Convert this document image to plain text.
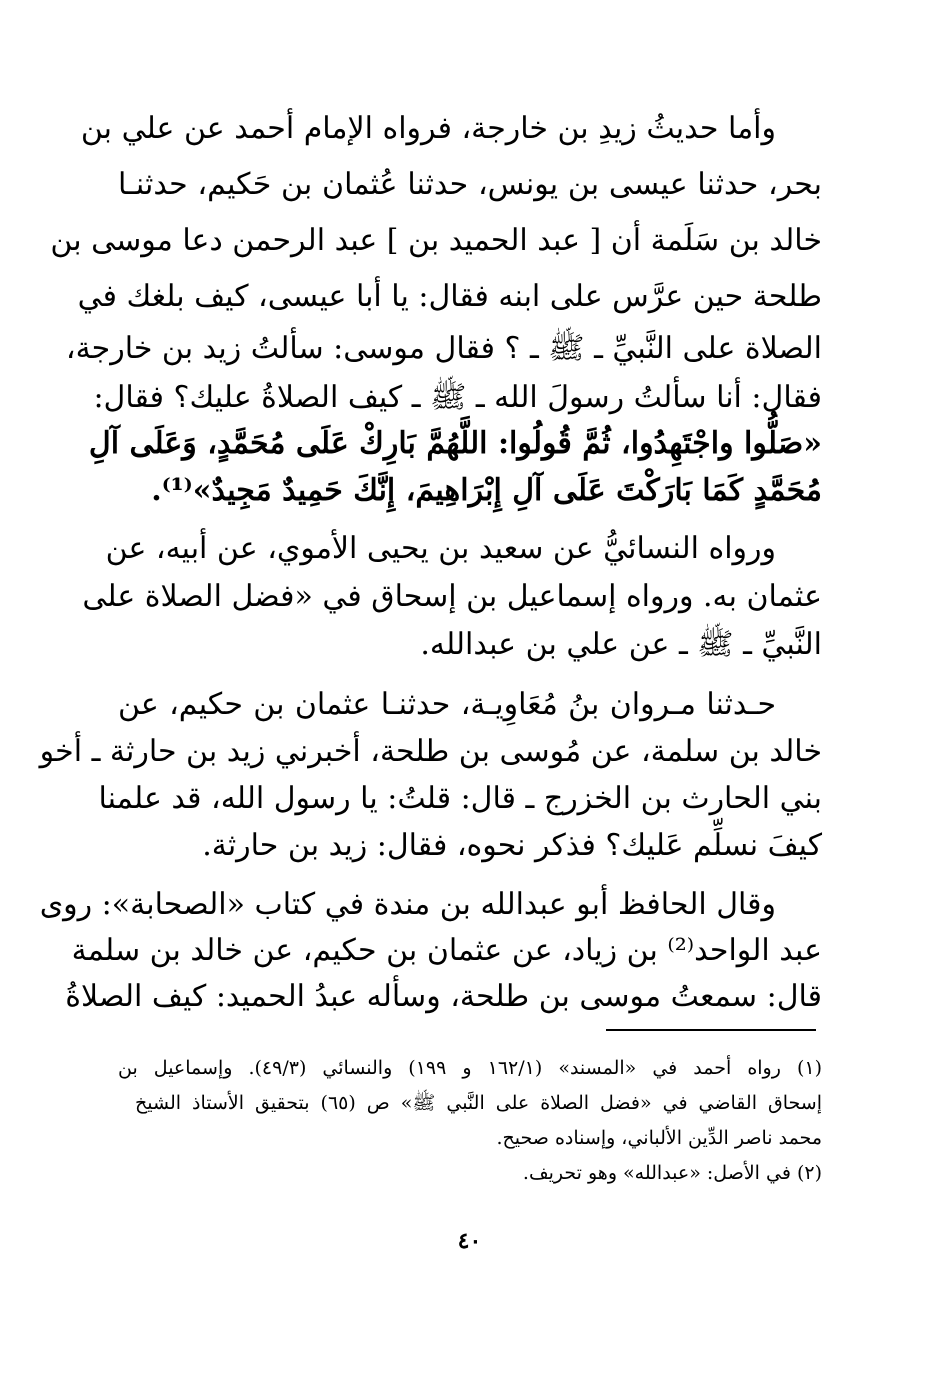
وأما حديثُ زيدِ بن خارجة، فرواه الإمام أحمد عن علي بن
بحر، حدثنا عيسى بن يونس، حدثنا عُثمان بن حَكيم، حدثنـا
خالد بن سَلَمة أن [ عبد الحميد بن ] عبد الرحمن دعا موسى بن
طلحة حين عرَّس على ابنه فقال: يا أبا عيسى، كيف بلغك في
الصلاة على النَّبيِّ ـ ﷺ ـ ؟ فقال موسى: سألتُ زيد بن خارجة،
فقال: أنا سألتُ رسولَ الله ـ ﷺ ـ كيف الصلاةُ عليك؟ فقال:
«صَلُّوا واجْتَهِدُوا، ثُمَّ قُولُوا: اللَّهُمَّ بَارِكْ عَلَى مُحَمَّدٍ، وَعَلَى آلِ
مُحَمَّدٍ كَمَا بَارَكْتَ عَلَى آلِ إِبْرَاهِيمَ، إِنَّكَ حَمِيدٌ مَجِيدٌ»⁽¹⁾.
ورواه النسائيُّ عن سعيد بن يحيى الأموي، عن أبيه، عن
عثمان به. ورواه إسماعيل بن إسحاق في «فضل الصلاة على
النَّبيِّ ـ ﷺ ـ عن علي بن عبدالله.
حـدثنا مـروان بنُ مُعَاوِيـة، حدثنـا عثمان بن حكيم، عن
خالد بن سلمة، عن مُوسى بن طلحة، أخبرني زيد بن حارثة ـ أخو
بني الحارث بن الخزرج ـ قال: قلتُ: يا رسول الله، قد علمنا
كيفَ نسلِّم عَليك؟ فذكر نحوه، فقال: زيد بن حارثة.
وقال الحافظ أبو عبدالله بن مندة في كتاب «الصحابة»: روى
عبد الواحد⁽²⁾ بن زياد، عن عثمان بن حكيم، عن خالد بن سلمة
قال: سمعتُ موسى بن طلحة، وسأله عبدُ الحميد: كيف الصلاةُ
(١) رواه أحمد في «المسند» (١٦٢/١ و ١٩٩) والنسائي (٤٩/٣). وإسماعيل بن
إسحاق القاضي في «فضل الصلاة على النَّبي ﷺ» ص (٦٥) بتحقيق الأستاذ الشيخ
محمد ناصر الدِّين الألباني، وإسناده صحيح.
(٢) في الأصل: «عبدالله» وهو تحريف.
٤٠
